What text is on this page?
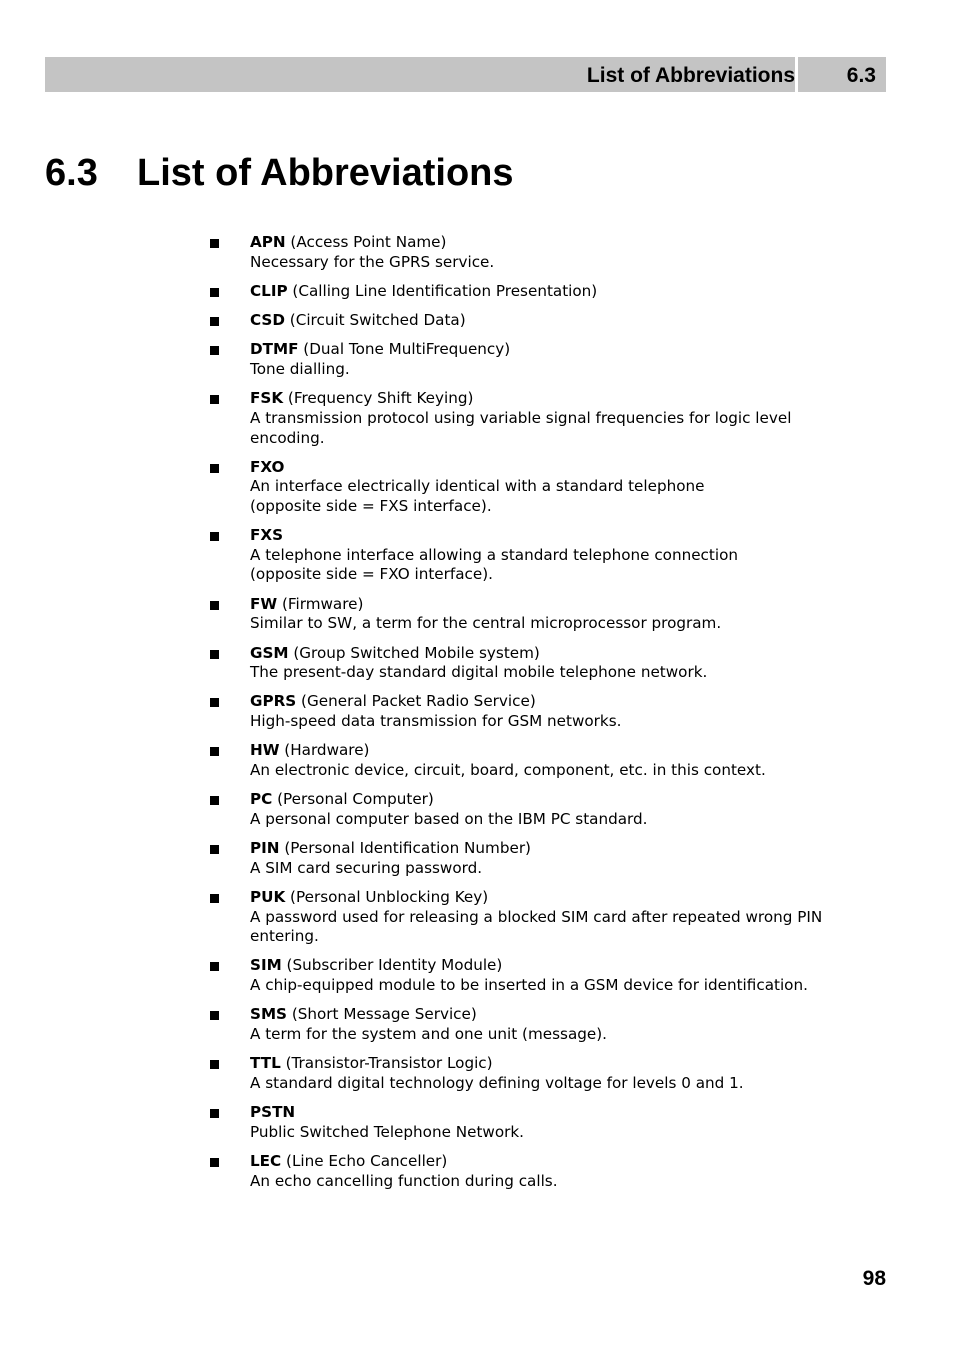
List of Abbreviations	6.3
6.3 List of Abbreviations
APN (Access Point Name)
Necessary for the GPRS service.
CLIP (Calling Line Identification Presentation)
CSD (Circuit Switched Data)
DTMF (Dual Tone MultiFrequency)
Tone dialling.
FSK (Frequency Shift Keying)
A transmission protocol using variable signal frequencies for logic level
encoding.
FXO
An interface electrically identical with a standard telephone
(opposite side = FXS interface).
FXS
A telephone interface allowing a standard telephone connection
(opposite side = FXO interface).
FW (Firmware)
Similar to SW, a term for the central microprocessor program.
GSM (Group Switched Mobile system)
The present-day standard digital mobile telephone network.
GPRS (General Packet Radio Service)
High-speed data transmission for GSM networks.
HW (Hardware)
An electronic device, circuit, board, component, etc. in this context.
PC (Personal Computer)
A personal computer based on the IBM PC standard.
PIN (Personal Identification Number)
A SIM card securing password.
PUK (Personal Unblocking Key)
A password used for releasing a blocked SIM card after repeated wrong PIN
entering.
SIM (Subscriber Identity Module)
A chip-equipped module to be inserted in a GSM device for identification.
SMS (Short Message Service)
A term for the system and one unit (message).
TTL (Transistor-Transistor Logic)
A standard digital technology defining voltage for levels 0 and 1.
PSTN
Public Switched Telephone Network.
LEC (Line Echo Canceller)
An echo cancelling function during calls.
98
